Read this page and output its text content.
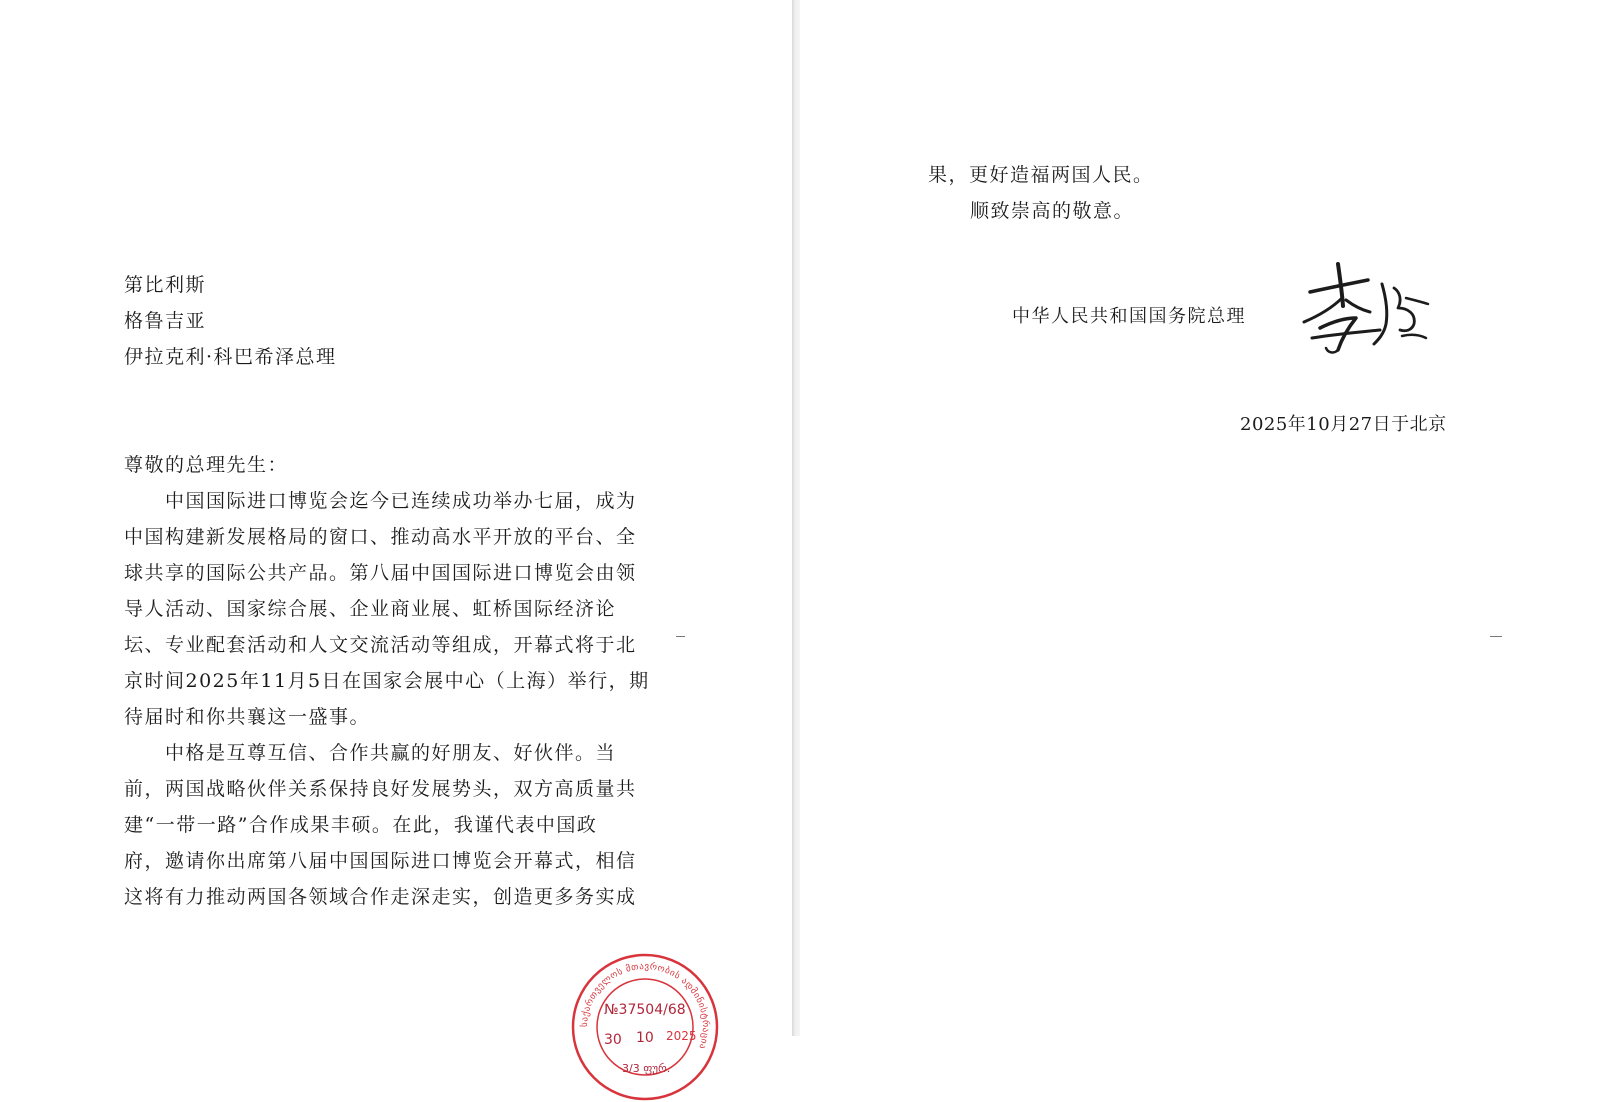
第比利斯
格鲁吉亚
伊拉克利·科巴希泽总理
尊敬的总理先生：
中国国际进口博览会迄今已连续成功举办七届，成为
中国构建新发展格局的窗口、推动高水平开放的平台、全
球共享的国际公共产品。第八届中国国际进口博览会由领
导人活动、国家综合展、企业商业展、虹桥国际经济论
坛、专业配套活动和人文交流活动等组成，开幕式将于北
京时间2025年11月5日在国家会展中心（上海）举行，期
待届时和你共襄这一盛事。
中格是互尊互信、合作共赢的好朋友、好伙伴。当
前，两国战略伙伴关系保持良好发展势头，双方高质量共
建“一带一路”合作成果丰硕。在此，我谨代表中国政
府，邀请你出席第八届中国国际进口博览会开幕式，相信
这将有力推动两国各领域合作走深走实，创造更多务实成
საქართველოს მთავრობის ადმინისტრაცია
№37504/68
30 10 2025
3/3 ფურ.
果，更好造福两国人民。
顺致崇高的敬意。
中华人民共和国国务院总理
2025年10月27日于北京
